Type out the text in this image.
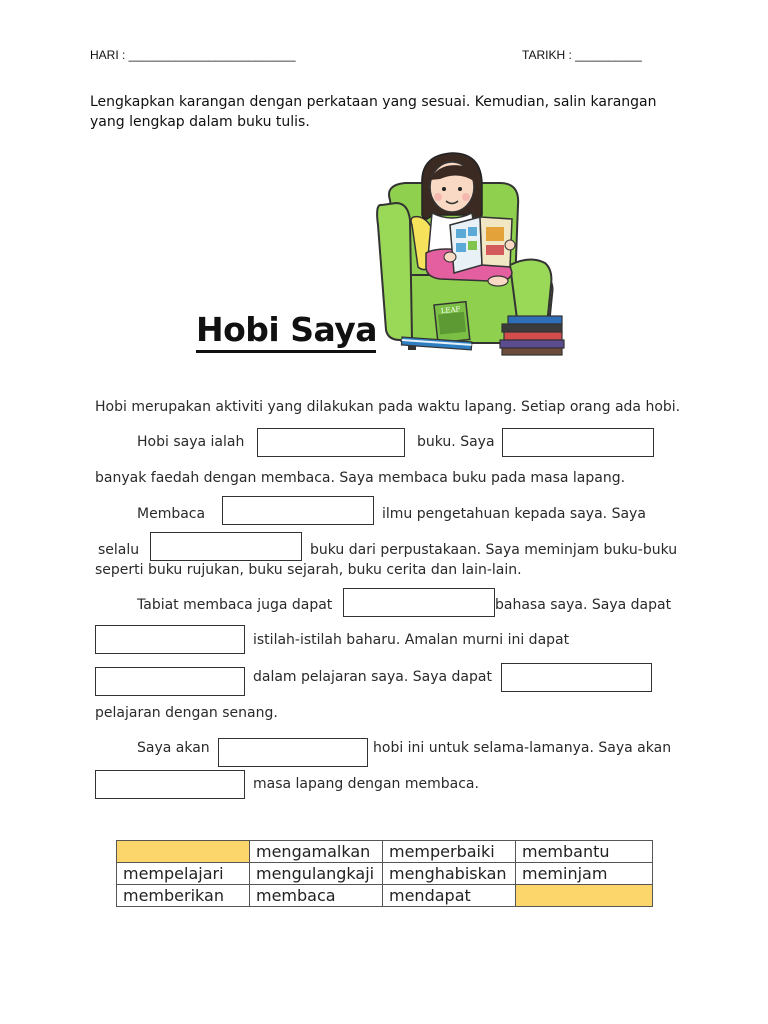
HARI : _________________________	TARIKH : __________
Lengkapkan karangan dengan perkataan yang sesuai. Kemudian, salin karangan
yang lengkap dalam buku tulis.
LEAF
Hobi Saya
Hobi merupakan aktiviti yang dilakukan pada waktu lapang. Setiap orang ada hobi.
Hobi saya ialah	buku. Saya
banyak faedah dengan membaca. Saya membaca buku pada masa lapang.
Membaca	ilmu pengetahuan kepada saya. Saya
selalu	buku dari perpustakaan. Saya meminjam buku-buku
seperti buku rujukan, buku sejarah, buku cerita dan lain-lain.
Tabiat membaca juga dapat	bahasa saya. Saya dapat
istilah-istilah baharu. Amalan murni ini dapat
dalam pelajaran saya. Saya dapat
pelajaran dengan senang.
Saya akan	hobi ini untuk selama-lamanya. Saya akan
masa lapang dengan membaca.
	mengamalkan	memperbaiki	membantu
mempelajari	mengulangkaji	menghabiskan	meminjam
memberikan	membaca	mendapat	
